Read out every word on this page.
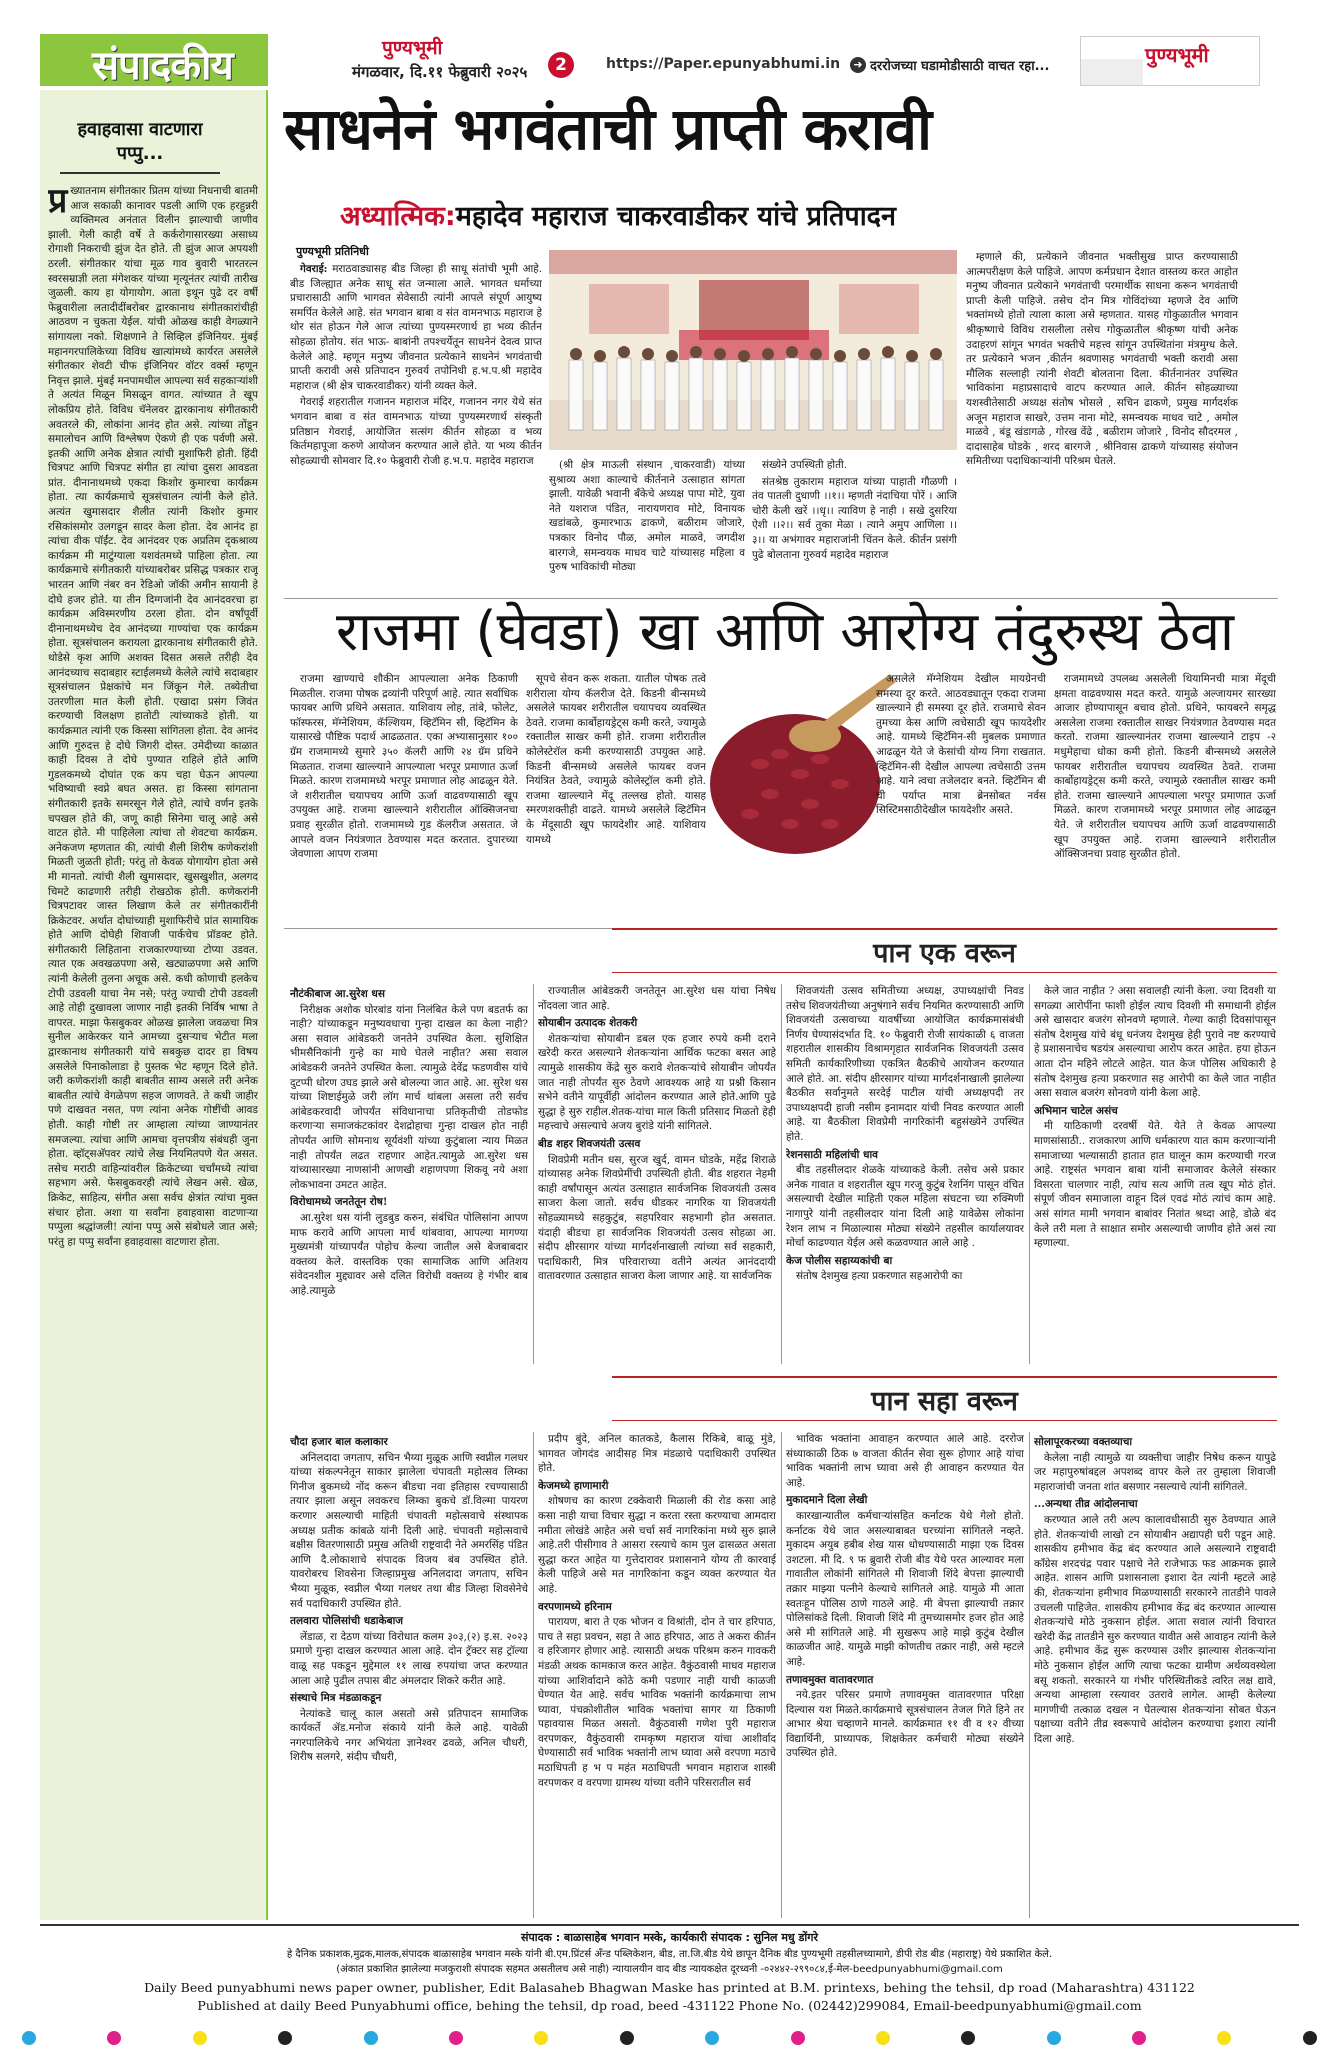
संपादकीय	पुण्यभूमी
मंगळवार, दि.११ फेब्रुवारी २०२५	2	https://Paper.epunyabhumi.in	➜ दररोजच्या घडामोडीसाठी वाचत रहा...	पुण्यभूमी
हवाहवासा वाटणारा पप्पु...
प्र ख्यातनाम संगीतकार प्रितम यांच्या निधनाची बातमी आज सकाळी कानावर पडली आणि एक हरहुन्नरी व्यक्तिमत्व अनंतात विलीन झाल्याची जाणीव झाली. गेली काही वर्षे ते कर्करोगासारख्या असाध्य रोगाशी निकराची झुंज देत होते. ती झुंज आज अपयशी ठरली. संगीतकार यांचा मूळ गाव बुवारी भारतरत्न स्वरसम्राज्ञी लता मंगेशकर यांच्या मृत्यूनंतर त्यांची तारीख जुळली. काय हा योगायोग. आता इथून पुढे दर वर्षी फेब्रुवारीला लतादीदींबरोबर द्वारकानाथ संगीतकारांचीही आठवण न चुकता येईल. यांची ओळख काही वेगळ्याने सांगायला नको. शिक्षणाने ते सिव्हिल इंजिनियर. मुंबई महानगरपालिकेच्या विविध खात्यांमध्ये कार्यरत असलेले संगीतकार शेवटी चीफ इंजिनियर वॉटर वर्क्स म्हणून निवृत्त झाले. मुंबई मनपामधील आपल्या सर्व सहकार्‍यांशी ते अत्यंत मिळून मिसळून वागत. त्यांच्यात ते खूप लोकप्रिय होते. विविध चॅनेलवर द्वारकानाथ संगीतकारी अवतरले की, लोकांना आनंद होत असे. त्यांच्या तोंडून समालोचन आणि विश्लेषण ऐकणे ही एक पर्वणी असे. इतकी आणि अनेक क्षेत्रात त्यांची मुशाफिरी होती. हिंदी चित्रपट आणि चित्रपट संगीत हा त्यांचा दुसरा आवडता प्रांत. दीनानाथमध्ये एकदा किशोर कुमारचा कार्यक्रम होता. त्या कार्यक्रमाचे सूत्रसंचालन त्यांनी केले होते. अत्यंत खुमासदार शैलीत त्यांनी किशोर कुमार रसिकांसमोर उलगडून सादर केला होता. देव आनंद हा त्यांचा वीक पॉईंट. देव आनंदवर एक अप्रतिम दृकश्राव्य कार्यक्रम मी माटुंग्याला यशवंतमध्ये पाहिला होता. त्या कार्यक्रमाचे संगीतकारी यांच्याबरोबर प्रसिद्ध पत्रकार राजू भारतन आणि नंबर वन रेडिओ जॉकी अमीन सायानी हे दोघे हजर होते. या तीन दिग्गजांनी देव आनंदवरचा हा कार्यक्रम अविस्मरणीय ठरला होता. दोन वर्षांपूर्वी दीनानाथमध्येच देव आनंदच्या गाण्यांचा एक कार्यक्रम होता. सूत्रसंचालन करायला द्वारकानाथ संगीतकारी होते. थोडेसे कृश आणि अशक्त दिसत असले तरीही देव आनंदच्याच सदाबहार स्टाईलमध्ये केलेले त्यांचे सदाबहार सूत्रसंचालन प्रेक्षकांचे मन जिंकून गेले. तब्येतीचा उतरणीला मात केली होती. एखादा प्रसंग जिवंत करण्याची विलक्षण हातोटी त्यांच्याकडे होती. या कार्यक्रमात त्यांनी एक किस्सा सांगितला होता. देव आनंद आणि गुरुदत्त हे दोघे जिगरी दोस्त. उमेदीच्या काळात काही दिवस ते दोघे पुण्यात राहिले होते आणि गुडलकमध्ये दोघांत एक कप चहा घेऊन आपल्या भविष्याची स्वप्ने बघत असत. हा किस्सा सांगताना संगीतकारी इतके समरसून गेले होते, त्यांचे वर्णन इतके चपखल होते की, जणू काही सिनेमा चालू आहे असे वाटत होते. मी पाहिलेला त्यांचा तो शेवटचा कार्यक्रम. अनेकजण म्हणतात की, त्यांची शैली शिरीष कणेकरांशी मिळती जुळती होती; परंतु तो केवळ योगायोग होता असे मी मानतो. त्यांची शैली खुमासदार, खुसखुशीत, अलगद चिमटे काढणारी तरीही रोखठोक होती. कणेकरांनी चित्रपटावर जास्त लिखाण केले तर संगीतकारींनी क्रिकेटवर. अर्थात दोघांच्याही मुशाफिरीचे प्रांत सामायिक होते आणि दोघेही शिवाजी पार्कचेच प्रॉडक्ट होते. संगीतकारी लिहिताना राजकारण्याच्या टोप्या उडवत. त्यात एक अवखळपणा असे, खट्याळपणा असे आणि त्यांनी केलेली तुलना अचूक असे. कधी कोणाची हलकेच टोपी उडवली याचा नेम नसे; परंतु ज्याची टोपी उडवली आहे तोही दुखावला जाणार नाही इतकी निर्विष भाषा ते वापरत. माझा फेसबुकवर ओळख झालेला जवळचा मित्र सुनील आकेरकर याने आमच्या दुसर्‍याच भेटीत मला द्वारकानाथ संगीतकारी यांचे सबकुछ दादर हा विषय असलेले पिनाकोलाडा हे पुस्तक भेट म्हणून दिले होते. जरी कणेकरांशी काही बाबतीत साम्य असले तरी अनेक बाबतीत त्यांचे वेगळेपण सहज जाणवते. ते कधी जाहीर पणे दाखवत नसत, पण त्यांना अनेक गोष्टींची आवड होती. काही गोष्टी तर आम्हाला त्यांच्या जाण्यानंतर समजल्या. त्यांचा आणि आमचा वृत्तपत्रीय संबंधही जुना होता. व्हॉट्सअ‍ॅपवर त्यांचे लेख नियमितपणे येत असत. तसेच मराठी वाहिन्यांवरील क्रिकेटच्या चर्चांमध्ये त्यांचा सहभाग असे. फेसबुकवरही त्यांचे लेखन असे. खेळ, क्रिकेट, साहित्य, संगीत असा सर्वच क्षेत्रांत त्यांचा मुक्त संचार होता. अशा या सर्वांना हवाहवासा वाटणाऱ्या पप्पुला श्रद्धांजली! त्यांना पप्पु असे संबोधले जात असे; परंतु हा पप्पु सर्वांना हवाहवासा वाटणारा होता.
साधनेनं भगवंताची प्राप्ती करावी
अध्यात्मिक:महादेव महाराज चाकरवाडीकर यांचे प्रतिपादन
पुण्यभूमी प्रतिनिधी

गेवराई: मराठवाड्यासह बीड जिल्हा ही साधू संतांची भूमी आहे. बीड जिल्ह्यात अनेक साधू संत जन्माला आले. भागवत धर्माच्या प्रचारासाठी आणि भागवत सेवेसाठी त्यांनी आपले संपूर्ण आयुष्य समर्पित केलेले आहे. संत भगवान बाबा व संत वामनभाऊ महाराज हे थोर संत होऊन गेले आज त्यांच्या पुण्यस्मरणार्थ हा भव्य कीर्तन सोहळा होतोय. संत भाऊ- बाबांनी तपश्चर्येतून साधनेनं देवत्व प्राप्त केलेले आहे. म्हणून मनुष्य जीवनात प्रत्येकाने साधनेनं भगवंताची प्राप्ती करावी असे प्रतिपादन गुरुवर्य तपोनिधी ह.भ.प.श्री महादेव महाराज (श्री क्षेत्र चाकरवाडीकर) यांनी व्यक्त केले.

गेवराई शहरातील गजानन महाराज मंदिर, गजानन नगर येथे संत भगवान बाबा व संत वामनभाऊ यांच्या पुण्यस्मरणार्थ संस्कृती प्रतिष्ठान गेवराई, आयोजित सत्संग कीर्तन सोहळा व भव्य किर्तमहापूजा करुणे आयोजन करण्यात आले होते. या भव्य कीर्तन सोहळ्याची सोमवार दि.१० फेब्रुवारी रोजी ह.भ.प. महादेव महाराज	(श्री क्षेत्र माऊली संस्थान ,चाकरवाडी) यांच्या सुश्राव्य अशा काल्याचे कीर्तनाने उत्साहात सांगता झाली. यावेळी भवानी बँकेचे अध्यक्ष पापा मोटे, युवा नेते यशराज पंडित, नारायणराव मोटे, विनायक खडांबळे, कुमारभाऊ ढाकणे, बळीराम जोजारे, पत्रकार विनोद पौळ, अमोल माळवे, जगदीश बारगजे, समन्वयक माधव चाटे यांच्यासह महिला व पुरुष भाविकांची मोठ्या

संख्येने उपस्थिती होती.

संतश्रेष्ठ तुकाराम महाराज यांच्या पाहाती गौळणी । तंव पातली दुधाणी ।।१।। म्हणती नंदाचिया पोरें । आजि चोरी केली खरें ।।धृ।। त्याविण हे नाही । सखे दुसरिया ऐशी ।।२।। सर्व तुका मेळा । त्याने अमुप आणिला ।।३।। या अभंगावर महाराजांनी चिंतन केले. कीर्तन प्रसंगी पुढे बोलताना गुरुवर्य महादेव महाराज

म्हणाले की, प्रत्येकाने जीवनात भक्तीसुख प्राप्त करण्यासाठी आत्मपरीक्षण केले पाहिजे. आपण कर्मप्रधान देशात वास्तव्य करत आहोत मनुष्य जीवनात प्रत्येकाने भगवंताची परमार्थीक साधना करून भगवंताची प्राप्ती केली पाहिजे. तसेच दोन मित्र गोविंदांच्या म्हणजे देव आणि भक्तांमध्ये होतो त्याला काला असे म्हणतात. यासह गोकुळातील भगवान श्रीकृष्णाचे विविध रासलीला तसेच गोकुळातील श्रीकृष्ण यांची अनेक उदाहरणं सांगून भगवंत भक्तीचे महत्त्व सांगून उपस्थितांना मंत्रमुग्ध केले. तर प्रत्येकाने भजन ,कीर्तन श्रवणासह भगवंताची भक्ती करावी असा मौलिक सल्लाही त्यांनी शेवटी बोलताना दिला. कीर्तनानंतर उपस्थित भाविकांना महाप्रसादाचे वाटप करण्यात आले. कीर्तन सोहळ्याच्या यशस्वीतेसाठी अध्यक्ष संतोष भोसले , सचिन ढाकणे, प्रमुख मार्गदर्शक अजून महाराज साखरे, उत्तम नाना मोटे, समन्वयक माधव चाटे , अमोल माळवे , बंडू खंडागळे , गोरख वेंढे , बळीराम जोजारे , विनोद सौदरमल , दादासाहेब घोडके , शरद बारगजे , श्रीनिवास ढाकणे यांच्यासह संयोजन समितीच्या पदाधिकार्‍यांनी परिश्रम घेतले.

राजमा (घेवडा) खा आणि आरोग्य तंदुरुस्थ ठेवा

राजमा खाण्याचे शौकीन आपल्याला अनेक ठिकाणी मिळतील. राजमा पोषक द्रव्यांनी परिपूर्ण आहे. त्यात सर्वाधिक फायबर आणि प्रथिने असतात. याशिवाय लोह, तांबे, फोलेट, फॉस्फरस, मॅग्नेशियम, कॅल्शियम, व्हिटॅमिन सी, व्हिटॅमिन के यासारखे पौष्टिक पदार्थ आढळतात. एका अभ्यासानुसार १०० ग्रॅम राजमामध्ये सुमारे ३५० कॅलरी आणि २४ ग्रॅम प्रथिने मिळतात. राजमा खाल्ल्याने आपल्याला भरपूर प्रमाणात ऊर्जा मिळते. कारण राजमामध्ये भरपूर प्रमाणात लोह आढळून येते. जे शरीरातील चयापचय आणि ऊर्जा वाढवण्यासाठी खूप उपयुक्त आहे. राजमा खाल्ल्याने शरीरातील ऑक्सिजनचा प्रवाह सुरळीत होतो. राजमामध्ये गुड कॅलरीज असतात. जे आपले वजन नियंत्रणात ठेवण्यास मदत करतात. दुपारच्या जेवणाला आपण राजमा

सूपचे सेवन करू शकता. यातील पोषक तत्वे शरीराला योग्य कॅलरीज देते. किडनी बीन्समध्ये असलेले फायबर शरीरातील चयापचय व्यवस्थित ठेवते. राजमा कार्बोहायड्रेट्स कमी करते, ज्यामुळे रक्तातील साखर कमी होते. राजमा शरीरातील कोलेस्टेरॉल कमी करण्यासाठी उपयुक्त आहे. किडनी बीन्समध्ये असलेले फायबर वजन नियंत्रित ठेवते, ज्यामुळे कोलेस्ट्रॉल कमी होते. राजमा खाल्ल्याने मेंदू तल्लख होतो. यासह स्मरणशक्तीही वाढते. यामध्ये असलेले व्हिटॅमिन के मेंदूसाठी खूप फायदेशीर आहे. याशिवाय यामध्ये

असलेले मॅग्नेशियम देखील मायग्रेनची समस्या दूर करते. आठवड्यातून एकदा राजमा खाल्ल्याने ही समस्या दूर होते. राजमाचे सेवन तुमच्या केस आणि त्वचेसाठी खूप फायदेशीर आहे. यामध्ये व्हिटॅमिन-सी मुबलक प्रमाणात आढळून येते जे केसांची योग्य निगा राखतात. व्हिटॅमिन-सी देखील आपल्या त्वचेसाठी उत्तम आहे. याने त्वचा तजेलदार बनते. व्हिटॅमिन बी ची पर्याप्त मात्रा ब्रेनसोबत नर्वस सिस्टिमसाठीदेखील फायदेशीर असते.

राजमामध्ये उपलब्ध असलेली थियामिनची मात्रा मेंदूची क्षमता वाढवण्यास मदत करते. यामुळे अल्जायमर सारख्या आजार होण्यापासून बचाव होतो. प्रथिने, फायबरने समृद्ध असलेला राजमा रक्तातील साखर नियंत्रणात ठेवण्यास मदत करतो. राजमा खाल्ल्यानंतर राजमा खाल्ल्याने टाइप -२ मधुमेहाचा धोका कमी होतो. किडनी बीन्समध्ये असलेले फायबर शरीरातील चयापचय व्यवस्थित ठेवते. राजमा कार्बोहायड्रेट्स कमी करते, ज्यामुळे रक्तातील साखर कमी होते. राजमा खाल्ल्याने आपल्याला भरपूर प्रमाणात ऊर्जा मिळते. कारण राजमामध्ये भरपूर प्रमाणात लोह आढळून येते. जे शरीरातील चयापचय आणि ऊर्जा वाढवण्यासाठी खूप उपयुक्त आहे. राजमा खाल्ल्याने शरीरातील ऑक्सिजनचा प्रवाह सुरळीत होतो.

पान एक वरून
नौटंकीबाज आ.सुरेश धस

निरीक्षक अशोक घोरबांड यांना निलंबित केले पण बडतर्फ का नाही? यांच्याकडून मनुष्यवधाचा गुन्हा दाखल का केला नाही? असा सवाल आंबेडकरी जनतेने उपस्थित केला. सुशिक्षित भीमसैनिकांनी गुन्हे का माघे घेतले नाहीत? असा सवाल आंबेडकरी जनतेने उपस्थित केला. त्यामुळे देवेंद्र फडणवीस यांचे दुटप्पी धोरण उघड झाले असे बोलल्या जात आहे. आ. सुरेश धस यांच्या शिष्टाईमुळे जरी लॉग मार्च थांबला असला तरी सर्वच आंबेडकरवादी जोपर्यंत संविधानाचा प्रतिकृतीची तोडफोड करणाऱ्या समाजकंटकांवर देशद्रोहाचा गुन्हा दाखल होत नाही तोपर्यंत आणि सोमनाथ सूर्यवंशी यांच्या कुटुंबाला न्याय मिळत नाही तोपर्यंत लढत राहणार आहेत.त्यामुळे आ.सुरेश धस यांच्यासारख्या नाणसांनी आणखी शहाणपणा शिकवू नये अशा लोकभावना उमटत आहेत.

विरोधामध्ये जनतेतून रोष!

आ.सुरेश धस यांनी लुडबुड करुन, संबंधित पोलिसांना आपण माफ करावे आणि आपला मार्च थांबवावा, आपल्या मागण्या मुख्यमंत्री यांच्यापर्यंत पोहोच केल्या जातील असे बेजबाबदार वक्तव्य केले. वास्तविक एका सामाजिक आणि अतिशय संवेदनशील मुद्द्यावर असे दलित विरोधी वक्तव्य हे गंभीर बाब आहे.त्यामुळे

राज्यातील आंबेडकरी जनतेतून आ.सुरेश धस यांचा निषेध नोंदवला जात आहे.

सोयाबीन उत्पादक शेतकरी

शेतकऱ्यांचा सोयाबीन डबल एक हजार रुपये कमी दराने खरेदी करत असल्याने शेतकऱ्यांना आर्थिक फटका बसत आहे त्यामुळे शासकीय केंद्रे सुरु करावे शेतकऱ्यांचे सोयाबीन जोपर्यंत जात नाही तोपर्यंत सुरु ठेवणे आवश्यक आहे या प्रश्नी किसान सभेने वतीने यापूर्वीही आंदोलन करण्यात आले होते.आणि पुढे सुद्धा हे सुरु राहील.शेतक-यांचा माल किती प्रतिसाद मिळतो हेही महत्त्वाचे असल्याचे अजय बुरांडे यांनी सांगितले.

बीड शहर शिवजयंती उत्सव

शिवप्रेमी मतीन धस, सुरज खुर्द, वामन घोडके, महेंद्र शिराळे यांच्यासह अनेक शिवप्रेमींची उपस्थिती होती. बीड शहरात नेहमी काही वर्षांपासून अत्यंत उत्साहात सार्वजनिक शिवजयंती उत्सव साजरा केला जातो. सर्वच धीडकर नागरिक या शिवजयंती सोहळ्यामध्ये सहकुटुंब, सहपरिवार सहभागी होत असतात. यंदाही बीडचा हा सार्वजनिक शिवजयंती उत्सव सोहळा आ. संदीप क्षीरसागर यांच्या मार्गदर्शनाखाली त्यांच्या सर्व सहकारी, पदाधिकारी, मित्र परिवाराच्या वतीने अत्यंत आनंददायी वातावरणात उत्साहात साजरा केला जाणार आहे. या सार्वजनिक

शिवजयंती उत्सव समितीच्या अध्यक्ष, उपाध्यक्षांची निवड तसेच शिवजयंतीच्या अनुषंगाने सर्वच नियमित करण्यासाठी आणि शिवजयंती उत्सवाच्या यावर्षीच्या आयोजित कार्यक्रमासंबंधी निर्णय घेण्यासंदर्भात दि. १० फेब्रुवारी रोजी सायंकाळी ६ वाजता शहरातील शासकीय विश्रामगृहात सार्वजनिक शिवजयंती उत्सव समिती कार्यकारिणीच्या एकत्रित बैठकीचे आयोजन करण्यात आले होते. आ. संदीप क्षीरसागर यांच्या मार्गदर्शनाखाली झालेल्या बैठकीत सर्वानुमते सरदेई पाटील यांची अध्यक्षपदी तर उपाध्यक्षपदी हाजी नसीम इनामदार यांची निवड करण्यात आली आहे. या बैठकीला शिवप्रेमी नागरिकांनी बहुसंख्येने उपस्थित होते.

रेशनसाठी महिलांची धाव

बीड तहसीलदार शेळके यांच्याकडे केली. तसेच असे प्रकार अनेक गावात व शहरातील खूप गरजू कुटुंब रेशनिंग पासून वंचित असल्याची देखील माहिती एकल महिला संघटना च्या रुक्मिणी नागापुरे यांनी तहसीलदार यांना दिली आहे यावेळेस लोकांना रेशन लाभ न मिळाल्यास मोठ्या संख्येने तहसील कार्यालयावर मोर्चा काढण्यात येईल असे कळवण्यात आले आहे .

केज पोलीस सहाय्यकांची बा

संतोष देशमुख हत्या प्रकरणात सहआरोपी का

केले जात नाहीत ? असा सवालही त्यांनी केला. ज्या दिवशी या सगळ्या आरोपींना फाशी होईल त्याच दिवशी मी समाधानी होईल असे खासदार बजरंग सोनवणे म्हणाले. गेल्या काही दिवसांपासून संतोष देशमुख यांचे बंधू धनंजय देशमुख हेही पुरावे नष्ट करण्याचे हे प्रशासनाचेच षडयंत्र असल्याचा आरोप करत आहेत. हया होऊन आता दोन महिने लोटले आहेत. यात केज पोलिस अधिकारी हे संतोष देशमुख हत्या प्रकरणात सह आरोपी का केले जात नाहीत असा सवाल बजरंग सोनवणे यांनी केला आहे.

अभिमान चाटेल असंच

मी याठिकाणी दरवर्षी येते. येते ते केवळ आपल्या माणसांसाठी.. राजकारण आणि धर्मकारण यात काम करणाऱ्यांनी समाजाच्या भल्यासाठी हातात हात घालून काम करण्याची गरज आहे. राष्ट्रसंत भगवान बाबा यांनी समाजावर केलेले संस्कार विसरता चालणार नाही, त्यांच सत्य आणि तत्व खूप मोठं होतं. संपूर्ण जीवन समाजाला वाहून दिलं एवढं मोठं त्यांचं काम आहे. असं सांगत मामी भगवान बाबांवर नितांत श्रध्दा आहे, डोळे बंद केले तरी मला ते साक्षात समोर असल्याची जाणीव होते असं त्या म्हणाल्या.

पान सहा वरून
चौदा हजार बाल कलाकार

अनिलदादा जगताप, सचिन भैय्या मुळूक आणि स्वप्नील गलधर यांच्या संकल्पनेतून साकार झालेला चंपावती महोत्सव लिम्का गिनीज बुकमध्ये नोंद करून बीडचा नवा इतिहास रचण्यासाठी तयार झाला असून लवकरच लिम्का बुकचे डॉ.विल्मा पायरण करणार असल्याची माहिती चंपावती महोत्सवाचे संस्थापक अध्यक्ष प्रतीक कांबळे यांनी दिली आहे. चंपावती महोत्सवाचे बक्षीस वितरणासाठी प्रमुख अतिथी राष्ट्रवादी नेते अमरसिंह पंडित आणि दै.लोकाशाचे संपादक विजय बंब उपस्थित होते. यावरोबरच शिवसेना जिल्हाप्रमुख अनिलदादा जगताप, सचिन भैय्या मुळूक, स्वप्नील भैय्या गलधर तथा बीड जिल्हा शिवसेनेचे सर्व पदाधिकारी उपस्थित होते.

तलवारा पोलिसांची धडाकेबाज

लेंडाळ, रा देठण यांच्या विरोधात कलम ३०३,(२) इ.स. २०२३ प्रमाणे गुन्हा दाखल करण्यात आला आहे. दोन ट्रॅक्टर सह ट्रॉल्या वाळू सह पकडून मुद्देमाल ११ लाख रुपयांचा जप्त करण्यात आला आहे पुढील तपास बीट अंमलदार शिकरे करीत आहे.

संस्थाचे मित्र मंडळाकडून

नेत्यांकडे चालू काल असतो असे प्रतिपादन सामाजिक कार्यकर्ते ॲड.मनोज संकाये यांनी केले आहे. यावेळी नगरपालिकेचे नगर अभियंता ज्ञानेश्वर ढवळे, अनिल चौधरी, शिरीष सलगरे, संदीप चौधरी,

प्रदीप बुंदे, अनिल कातकडे, कैलास रिकिबे, बाळू मुंडे, भागवत जोगदंड आदीसह मित्र मंडळाचे पदाधिकारी उपस्थित होते.

केजमध्ये हाणामारी

शोषणच का कारण टक्केवारी मिळाली की रोड कसा आहे कसा नाही याचा विचार सुद्धा न करता रस्ता करण्याचा आमदारा नमीता लोखंडे आहेत असे चर्चा सर्व नागरिकांना मध्ये सुरु झाले आहे.तरी पीसीगाव ते आसरा रस्त्याचे काम पुल ढासळत असता सुद्धा करत आहेत या गुत्तेदारावर प्रशासनाने योग्य ती कारवाई केली पाहिजे असे मत नागरिकांना कडून व्यक्त करण्यात येत आहे.

वरपणामध्ये हरिनाम

पारायण, बारा ते एक भोजन व विश्रांती, दोन ते चार हरिपाठ, पाच ते सहा प्रवचन, सहा ते आठ हरिपाठ, आठ ते अकरा कीर्तन व हरिजागर होणार आहे. त्यासाठी अथक परिश्रम करुन गावकरी मंडळी अथक कामकाज करत आहेत. वैकुंठवासी माधव महाराज यांच्या आशिर्वादाने कोठे कमी पडणार नाही याची काळजी घेण्यात येत आहे. सर्वच भाविक भक्तांनी कार्यक्रमाचा लाभ घ्यावा, पंचक्रोशीतील भाविक भक्तांचा सागर या ठिकाणी पहावयास मिळत असतो. वैकुंठवासी गणेश पुरी महाराज वरपणकर, वैकुंठवासी रामकृष्ण महाराज यांचा आशीर्वाद घेण्यासाठी सर्व भाविक भक्तांनी लाभ घ्यावा असे वरपणा मठाचे मठाधिपती ह भ प महंत मठाधिपती भगवान महाराज शास्त्री वरपणकर व वरपणा ग्रामस्थ यांच्या वतीने परिसरातील सर्व

भाविक भक्तांना आवाहन करण्यात आले आहे. दररोज संध्याकाळी ठिक ७ वाजता कीर्तन सेवा सुरू होणार आहे यांचा भाविक भक्तांनी लाभ घ्यावा असे ही आवाहन करण्यात येत आहे.

मुकादमाने दिला लेखी

कारखान्यातील कर्मचाऱ्यांसहित कर्नाटक येथे गेलो होतो. कर्नाटक येथे जात असल्याबाबत घरच्यांना सांगितले नव्हते. मुकादम अयुब हबीब शेख यास धोधण्यासाठी माझा एक दिवस उशटला. मी दि. ९ फ ब्रुवारी रोजी बीड येथे परत आल्यावर मला गावातील लोकांनी सांगितले मी शिवाजी शिंदे बेपत्ता झाल्याची तक्रार माझ्या पत्नीने केल्याचे सांगितले आहे. यामुळे मी आता स्वतःहून पोलिस ठाणे गाठले आहे. मी बेपत्ता झाल्याची तक्रार पोलिसांकडे दिली. शिवाजी शिंदे मी तुमच्यासमोर हजर होत आहे असे मी सांगितले आहे. मी सुखरूप आहे माझे कुटुंब देखील काळजीत आहे. यामुळे माझी कोणतीच तक्रार नाही, असे म्हटले आहे.

तणावमुक्त वातावरणात

नये.इतर परिसर प्रमाणे तणावमुक्त वातावरणात परिक्षा दिल्यास यश मिळते.कार्यक्रमाचे सूत्रसंचालन तेजल गिते हिने तर आभार श्रेया चव्हाणने मानले. कार्यक्रमात ११ वी व १२ वीच्या विद्यार्थिनी, प्राध्यापक, शिक्षकेतर कर्मचारी मोठ्या संख्येने उपस्थित होते.

सोलापूरकरच्या वक्तव्याचा

केलेला नाही त्यामुळे या व्यक्तीचा जाहीर निषेध करून यापुढे जर महापुरुषांबद्दल अपशब्द वापर केले तर तुम्हाला शिवाजी महाराजांची जनता शांत बसणार नसल्याचे त्यांनी सांगितले.

...अन्यथा तीव्र आंदोलनाचा

करण्यात आले तरी अल्प कालावधीसाठी सुरु ठेवण्यात आले होते. शेतकऱ्यांची लाखो टन सोयाबीन अद्यापही घरी पडून आहे. शासकीय हमीभाव केंद्र बंद करण्यात आले असल्याने राष्ट्रवादी काँग्रेस शरदचंद्र पवार पक्षाचे नेते राजेभाऊ फड आक्रमक झाले आहेत. शासन आणि प्रशासनाला इशारा देत त्यांनी म्हटले आहे की, शेतकऱ्यांना हमीभाव मिळण्यासाठी सरकारने तातडीने पावले उचलली पाहिजेत. शासकीय हमीभाव केंद्र बंद करण्यात आल्यास शेतकऱ्यांचे मोठे नुकसान होईल. आता सवाल त्यांनी विचारत खरेदी केंद्र तातडीने सुरु करण्यात यावीत असे आवाहन त्यांनी केले आहे. हमीभाव केंद्र सुरू करण्यास उशीर झाल्यास शेतकऱ्यांना मोठे नुकसान होईल आणि त्याचा फटका ग्रामीण अर्थव्यवस्थेला बसू शकतो. सरकारने या गंभीर परिस्थितीकडे त्वरित लक्ष द्यावे, अन्यथा आम्हाला रस्त्यावर उतरावे लागेल. आम्ही केलेल्या मागणीची तत्काळ दखल न घेतल्यास शेतकऱ्यांना सोबत घेऊन पक्षाच्या वतीने तीव्र स्वरूपाचे आंदोलन करण्याचा इशारा त्यांनी दिला आहे.

संपादक : बाळासाहेब भगवान मस्के, कार्यकारी संपादक : सुनिल मधु डोंगरे
हे दैनिक प्रकाशक,मुद्रक,मालक,संपादक बाळासाहेब भगवान मस्के यांनी बी.एम.प्रिंटर्स अँन्ड पब्लिकेशन, बीड, ता.जि.बीड येथे छापून दैनिक बीड पुण्यभूमी तहसीलच्यामागे, डीपी रोड बीड (महाराष्ट्र) येथे प्रकाशित केले.
(अंकात प्रकाशित झालेल्या मजकुराशी संपादक सहमत असतीलच असे नाही) न्यायालयीन वाद बीड न्यायकक्षेत दूरध्वनी -०२४४२-२९९०८४,ई-मेल-beedpunyabhumi@gmail.com
Daily Beed punyabhumi news paper owner, publisher, Edit Balasaheb Bhagwan Maske has printed at B.M. printexs, behing the tehsil, dp road (Maharashtra) 431122
Published at daily Beed Punyabhumi office, behing the tehsil, dp road, beed -431122 Phone No. (02442)299084, Email-beedpunyabhumi@gmail.com
